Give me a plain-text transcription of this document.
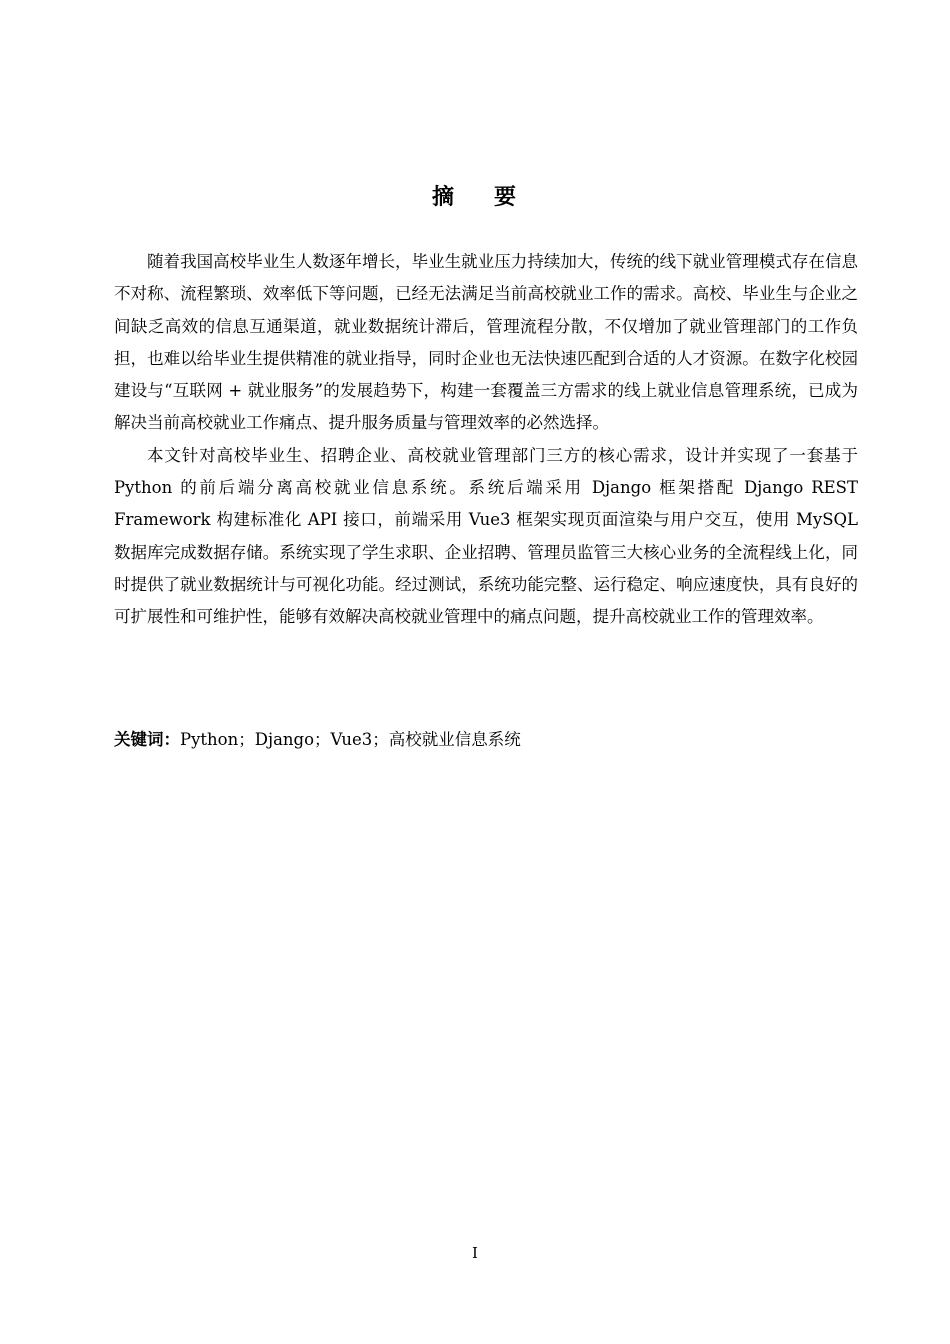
摘 要

随着我国高校毕业生人数逐年增长，毕业生就业压力持续加大，传统的线下就业管理模式存在信息不对称、流程繁琐、效率低下等问题，已经无法满足当前高校就业工作的需求。高校、毕业生与企业之间缺乏高效的信息互通渠道，就业数据统计滞后，管理流程分散，不仅增加了就业管理部门的工作负担，也难以给毕业生提供精准的就业指导，同时企业也无法快速匹配到合适的人才资源。在数字化校园建设与“互联网 + 就业服务”的发展趋势下，构建一套覆盖三方需求的线上就业信息管理系统，已成为解决当前高校就业工作痛点、提升服务质量与管理效率的必然选择。

本文针对高校毕业生、招聘企业、高校就业管理部门三方的核心需求，设计并实现了一套基于 Python 的前后端分离高校就业信息系统。系统后端采用 Django 框架搭配 Django REST Framework 构建标准化 API 接口，前端采用 Vue3 框架实现页面渲染与用户交互，使用 MySQL 数据库完成数据存储。系统实现了学生求职、企业招聘、管理员监管三大核心业务的全流程线上化，同时提供了就业数据统计与可视化功能。经过测试，系统功能完整、运行稳定、响应速度快，具有良好的可扩展性和可维护性，能够有效解决高校就业管理中的痛点问题，提升高校就业工作的管理效率。

关键词：Python；Django；Vue3；高校就业信息系统
I
